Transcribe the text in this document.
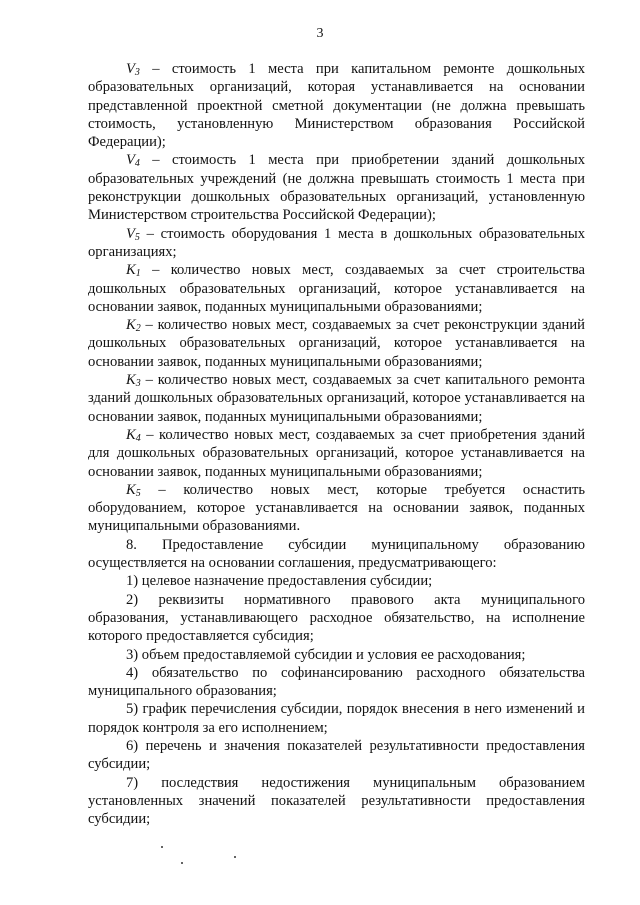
3

$V_3$ – стоимость 1 места при капитальном ремонте дошкольных образовательных организаций, которая устанавливается на основании представленной проектной сметной документации (не должна превышать стоимость, установленную Министерством образования Российской Федерации);

$V_4$ – стоимость 1 места при приобретении зданий дошкольных образовательных учреждений (не должна превышать стоимость 1 места при реконструкции дошкольных образовательных организаций, установленную Министерством строительства Российской Федерации);

$V_5$ – стоимость оборудования 1 места в дошкольных образовательных организациях;

$K_1$ – количество новых мест, создаваемых за счет строительства дошкольных образовательных организаций, которое устанавливается на основании заявок, поданных муниципальными образованиями;

$K_2$ – количество новых мест, создаваемых за счет реконструкции зданий дошкольных образовательных организаций, которое устанавливается на основании заявок, поданных муниципальными образованиями;

$K_3$ – количество новых мест, создаваемых за счет капитального ремонта зданий дошкольных образовательных организаций, которое устанавливается на основании заявок, поданных муниципальными образованиями;

$K_4$ – количество новых мест, создаваемых за счет приобретения зданий для дошкольных образовательных организаций, которое устанавливается на основании заявок, поданных муниципальными образованиями;

$K_5$ – количество новых мест, которые требуется оснастить оборудованием, которое устанавливается на основании заявок, поданных муниципальными образованиями.

8. Предоставление субсидии муниципальному образованию осуществляется на основании соглашения, предусматривающего:

1) целевое назначение предоставления субсидии;

2) реквизиты нормативного правового акта муниципального образования, устанавливающего расходное обязательство, на исполнение которого предоставляется субсидия;

3) объем предоставляемой субсидии и условия ее расходования;

4) обязательство по софинансированию расходного обязательства муниципального образования;

5) график перечисления субсидии, порядок внесения в него изменений и порядок контроля за его исполнением;

6) перечень и значения показателей результативности предоставления субсидии;

7) последствия недостижения муниципальным образованием установленных значений показателей результативности предоставления субсидии;
